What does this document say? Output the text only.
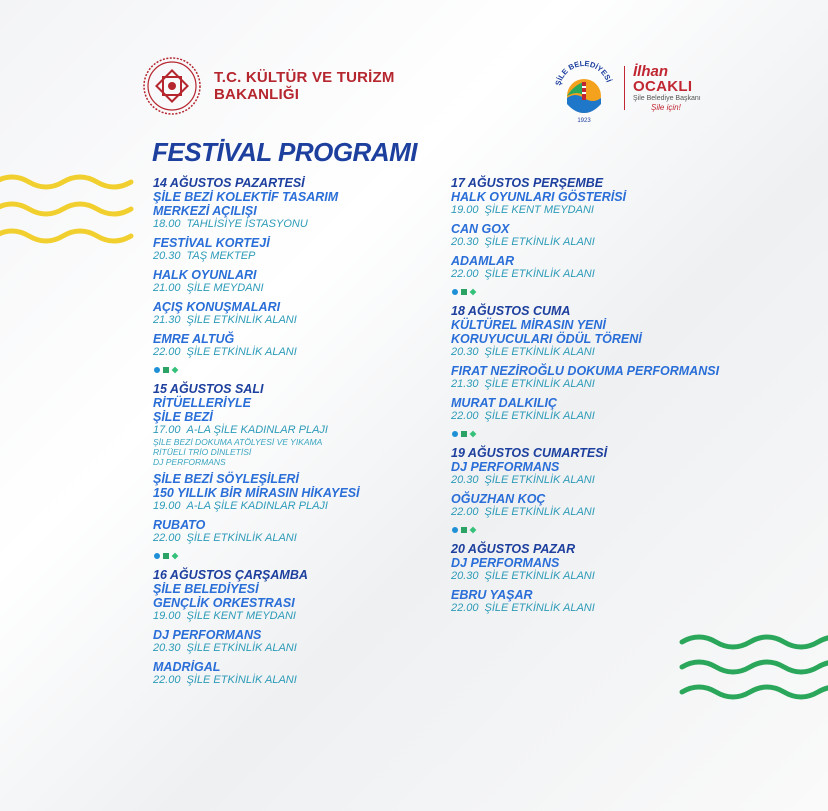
T.C. KÜLTÜR VE TURİZM
BAKANLIĞI
ŞİLE BELEDİYESİ
1923
İlhan
OCAKLI
Şile Belediye Başkanı
Şile için!
FESTİVAL PROGRAMI
14 AĞUSTOS PAZARTESİ
ŞİLE BEZİ KOLEKTİF TASARIM
MERKEZİ AÇILIŞI
18.00 TAHLİSİYE İSTASYONU
FESTİVAL KORTEJİ
20.30 TAŞ MEKTEP
HALK OYUNLARI
21.00 ŞİLE MEYDANI
AÇIŞ KONUŞMALARI
21.30 ŞİLE ETKİNLİK ALANI
EMRE ALTUĞ
22.00 ŞİLE ETKİNLİK ALANI
15 AĞUSTOS SALI
RİTÜELLERİYLE
ŞİLE BEZİ
17.00 A-LA ŞİLE KADINLAR PLAJI
ŞİLE BEZİ DOKUMA ATÖLYESİ VE YIKAMA
RİTÜELİ TRİO DİNLETİSİ
DJ PERFORMANS
ŞİLE BEZİ SÖYLEŞİLERİ
150 YILLIK BİR MİRASIN HİKAYESİ
19.00 A-LA ŞİLE KADINLAR PLAJI
RUBATO
22.00 ŞİLE ETKİNLİK ALANI
16 AĞUSTOS ÇARŞAMBA
ŞİLE BELEDİYESİ
GENÇLİK ORKESTRASI
19.00 ŞİLE KENT MEYDANI
DJ PERFORMANS
20.30 ŞİLE ETKİNLİK ALANI
MADRİGAL
22.00 ŞİLE ETKİNLİK ALANI
17 AĞUSTOS PERŞEMBE
HALK OYUNLARI GÖSTERİSİ
19.00 ŞİLE KENT MEYDANI
CAN GOX
20.30 ŞİLE ETKİNLİK ALANI
ADAMLAR
22.00 ŞİLE ETKİNLİK ALANI
18 AĞUSTOS CUMA
KÜLTÜREL MİRASIN YENİ
KORUYUCULARI ÖDÜL TÖRENİ
20.30 ŞİLE ETKİNLİK ALANI
FIRAT NEZİROĞLU DOKUMA PERFORMANSI
21.30 ŞİLE ETKİNLİK ALANI
MURAT DALKILIÇ
22.00 ŞİLE ETKİNLİK ALANI
19 AĞUSTOS CUMARTESİ
DJ PERFORMANS
20.30 ŞİLE ETKİNLİK ALANI
OĞUZHAN KOÇ
22.00 ŞİLE ETKİNLİK ALANI
20 AĞUSTOS PAZAR
DJ PERFORMANS
20.30 ŞİLE ETKİNLİK ALANI
EBRU YAŞAR
22.00 ŞİLE ETKİNLİK ALANI
